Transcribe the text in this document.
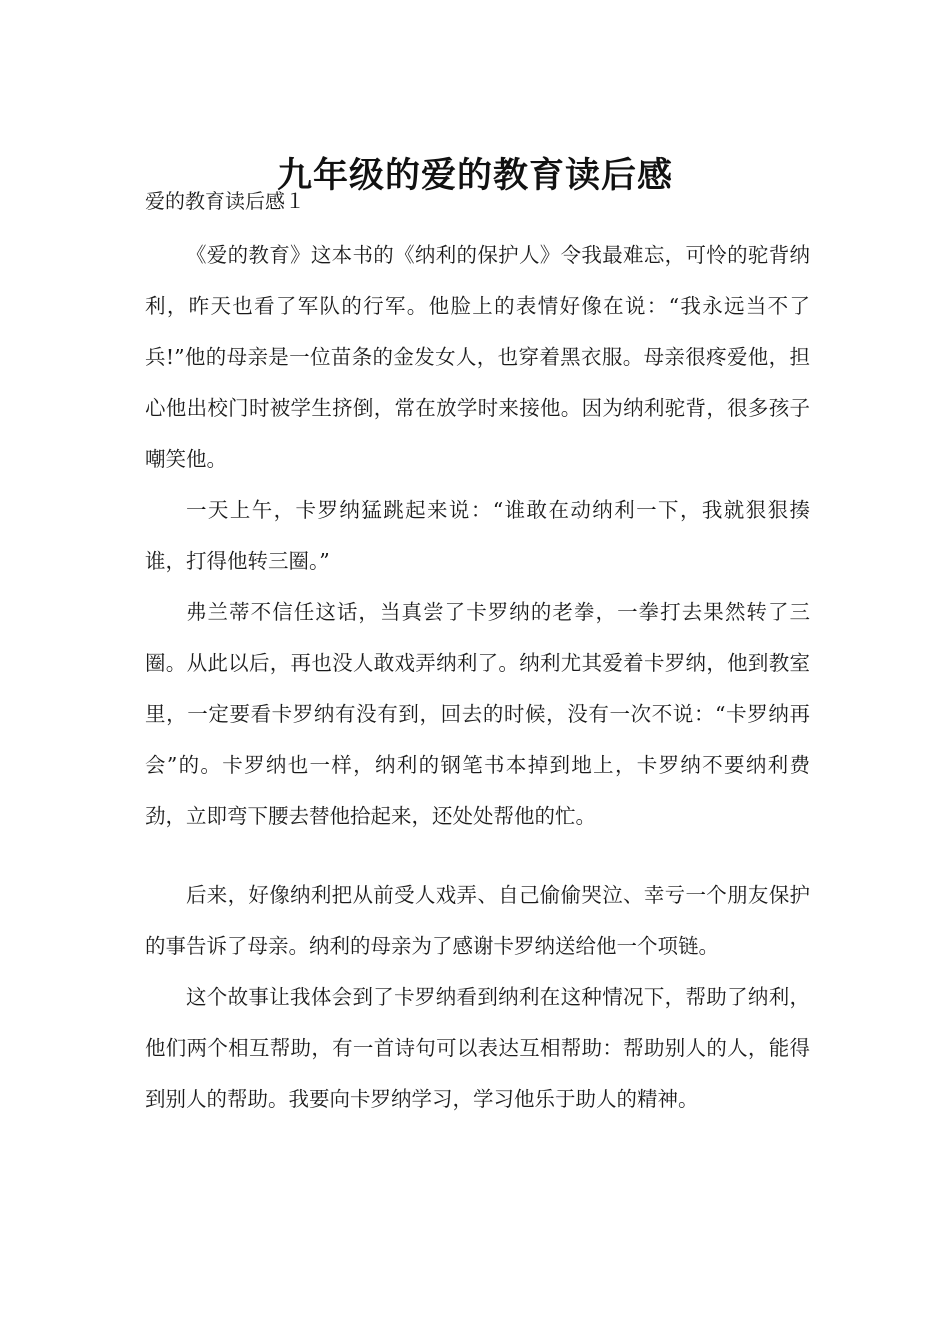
九年级的爱的教育读后感
爱的教育读后感１

《爱的教育》这本书的《纳利的保护人》令我最难忘，可怜的驼背纳利，昨天也看了军队的行军。他脸上的表情好像在说：“我永远当不了兵!”他的母亲是一位苗条的金发女人，也穿着黑衣服。母亲很疼爱他，担心他出校门时被学生挤倒，常在放学时来接他。因为纳利驼背，很多孩子嘲笑他。

一天上午，卡罗纳猛跳起来说：“谁敢在动纳利一下，我就狠狠揍谁，打得他转三圈。”

弗兰蒂不信任这话，当真尝了卡罗纳的老拳，一拳打去果然转了三圈。从此以后，再也没人敢戏弄纳利了。纳利尤其爱着卡罗纳，他到教室里，一定要看卡罗纳有没有到，回去的时候，没有一次不说：“卡罗纳再会”的。卡罗纳也一样，纳利的钢笔书本掉到地上，卡罗纳不要纳利费劲，立即弯下腰去替他拾起来，还处处帮他的忙。

后来，好像纳利把从前受人戏弄、自己偷偷哭泣、幸亏一个朋友保护的事告诉了母亲。纳利的母亲为了感谢卡罗纳送给他一个项链。

这个故事让我体会到了卡罗纳看到纳利在这种情况下，帮助了纳利，他们两个相互帮助，有一首诗句可以表达互相帮助：帮助别人的人，能得到别人的帮助。我要向卡罗纳学习，学习他乐于助人的精神。
